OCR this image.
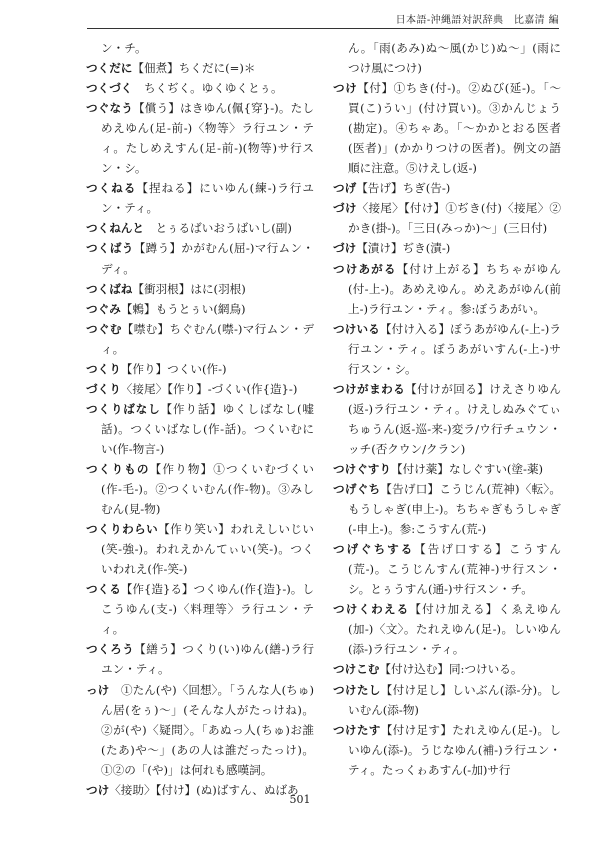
日本語-沖縄語対訳辞典　比嘉清 編

ン・チ。

つくだに【佃煮】ちくだに(=)＊

つくづく　ちくぢく。ゆくゆくとぅ。

つぐなう【償う】はきゆん(佩{穿}-)。たしめえゆん(足-前-)〈物等〉ラ行ユン・ティ。たしめえすん(足-前-)(物等)サ行スン・シ。

つくねる【捏ねる】にいゆん(練-)ラ行ユン・ティ。

つくねんと　とぅるばいおうばいし(副)

つくばう【蹲う】かがむん(屈-)マ行ムン・ディ。

つくばね【衝羽根】はに(羽根)

つぐみ【鶫】もうとぅい(網鳥)

つぐむ【噤む】ちぐむん(噤-)マ行ムン・ディ。

つくり【作り】つくい(作-)

づくり〈接尾〉【作り】-づくい(作{造}-)

つくりばなし【作り話】ゆくしばなし(嘘話)。つくいばなし(作-話)。つくいむにい(作-物言-)

つくりもの【作り物】①つくいむづくい(作-毛-)。②つくいむん(作-物)。③みしむん(見-物)

つくりわらい【作り笑い】われえしいじい(笑-強-)。われえかんてぃい(笑-)。つくいわれえ(作-笑-)

つくる【作{造}る】つくゆん(作{造}-)。しこうゆん(支-)〈料理等〉ラ行ユン・ティ。

つくろう【繕う】つくり(い)ゆん(繕-)ラ行ユン・ティ。

っけ　①たん(や)〈回想〉。「うんな人(ちゅ)ん居(をぅ)～」(そんな人がたっけね)。②が(や)〈疑問〉。「あぬっ人(ちゅ)お誰(たあ)や～」(あの人は誰だったっけ)。①②の「(や)」は何れも感嘆詞。

つけ〈接助〉【付け】(ぬ)ばすん、ぬばあ

ん。「雨(あみ)ぬ～風(かじ)ぬ～」(雨につけ風につけ)

つけ【付】①ちき(付-)。②ぬび(延-)。「～買(こ)うい」(付け買い)。③かんじょう(勘定)。④ちゃあ。「～かかとおる医者(医者)」(かかりつけの医者)。例文の語順に注意。⑤けえし(返-)

つげ【告げ】ちぎ(告-)

づけ〈接尾〉【付け】①ぢき(付)〈接尾〉②かき(掛-)。「三日(みっか)～」(三日付)

づけ【漬け】ぢき(漬-)

つけあがる【付け上がる】ちちゃがゆん(付-上-)。あめえゆん。めえあがゆん(前上-)ラ行ユン・ティ。参:ぼうあがい。

つけいる【付け入る】ぼうあがゆん(-上-)ラ行ユン・ティ。ぼうあがいすん(-上-)サ行スン・シ。

つけがまわる【付けが回る】けえさりゆん(返-)ラ行ユン・ティ。けえしぬみぐてぃちゅうん(返-巡-来-)変ラ/ウ行チュウン・ッチ(否クウン/クラン)

つけぐすり【付け薬】なしぐすい(塗-薬)

つげぐち【告げ口】こうじん(荒神)〈転〉。もうしゃぎ(申上-)。ちちゃぎもうしゃぎ(-申上-)。参:こうすん(荒-)

つげぐちする【告げ口する】こうすん(荒-)。こうじんすん(荒神-)サ行スン・シ。とぅうすん(通-)サ行スン・チ。

つけくわえる【付け加える】くゑえゆん(加-)〈文〉。たれえゆん(足-)。しいゆん(添-)ラ行ユン・ティ。

つけこむ【付け込む】同:つけいる。

つけたし【付け足し】しいぶん(添-分)。しいむん(添-物)

つけたす【付け足す】たれえゆん(足-)。しいゆん(添-)。うじなゆん(補-)ラ行ユン・ティ。たっくゎあすん(-加)サ行

501
